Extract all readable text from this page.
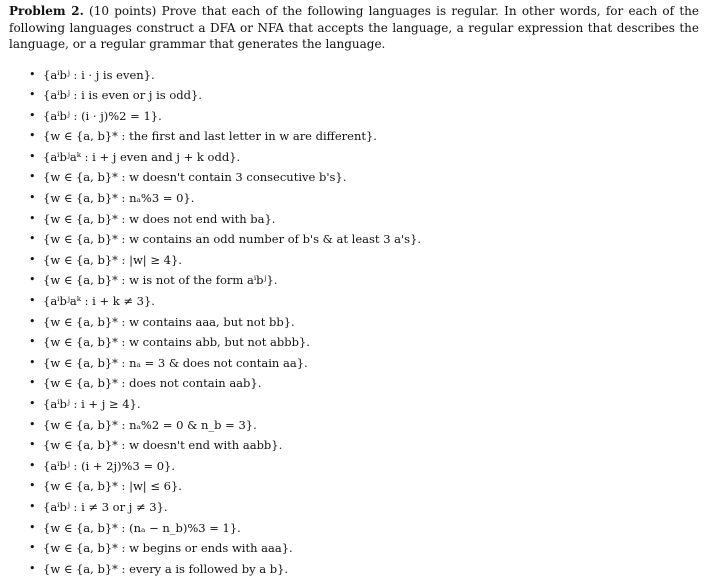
Problem 2. (10 points) Prove that each of the following languages is regular. In other words, for each of the following languages construct a DFA or NFA that accepts the language, a regular expression that describes the language, or a regular grammar that generates the language.

• {aⁱbʲ : i · j is even}.
• {aⁱbʲ : i is even or j is odd}.
• {aⁱbʲ : (i · j)%2 = 1}.
• {w ∈ {a, b}* : the first and last letter in w are different}.
• {aⁱbʲaᵏ : i + j even and j + k odd}.
• {w ∈ {a, b}* : w doesn't contain 3 consecutive b's}.
• {w ∈ {a, b}* : nₐ%3 = 0}.
• {w ∈ {a, b}* : w does not end with ba}.
• {w ∈ {a, b}* : w contains an odd number of b's & at least 3 a's}.
• {w ∈ {a, b}* : |w| ≥ 4}.
• {w ∈ {a, b}* : w is not of the form aⁱbʲ}.
• {aⁱbʲaᵏ : i + k ≠ 3}.
• {w ∈ {a, b}* : w contains aaa, but not bb}.
• {w ∈ {a, b}* : w contains abb, but not abbb}.
• {w ∈ {a, b}* : nₐ = 3 & does not contain aa}.
• {w ∈ {a, b}* : does not contain aab}.
• {aⁱbʲ : i + j ≥ 4}.
• {w ∈ {a, b}* : nₐ%2 = 0 & n_b = 3}.
• {w ∈ {a, b}* : w doesn't end with aabb}.
• {aⁱbʲ : (i + 2j)%3 = 0}.
• {w ∈ {a, b}* : |w| ≤ 6}.
• {aⁱbʲ : i ≠ 3 or j ≠ 3}.
• {w ∈ {a, b}* : (nₐ − n_b)%3 = 1}.
• {w ∈ {a, b}* : w begins or ends with aaa}.
• {w ∈ {a, b}* : every a is followed by a b}.
